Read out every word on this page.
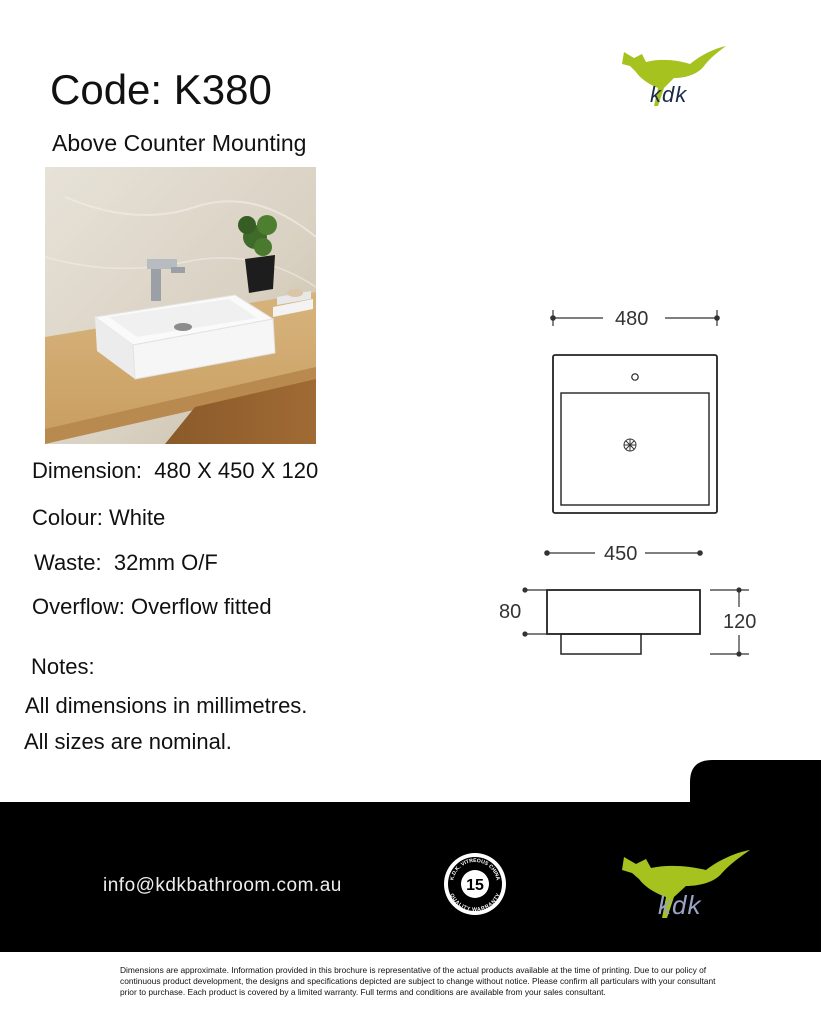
Code: K380
Above Counter Mounting
kdk
Dimension:  480 X 450 X 120
Colour: White
Waste:  32mm O/F
Overflow: Overflow fitted
Notes:
All dimensions in millimetres.
All sizes are nominal.
480
450
80	120
info@kdkbathroom.com.au	15
K.D.K. VITREOUS CHINA
QUALITY WARRANTY	kdk
Dimensions are approximate. Information provided in this brochure is representative of the actual products available at the time of printing. Due to our policy of continuous product development, the designs and specifications depicted are subject to change without notice. Please confirm all particulars with your consultant prior to purchase. Each product is covered by a limited warranty. Full terms and conditions are available from your sales consultant.
